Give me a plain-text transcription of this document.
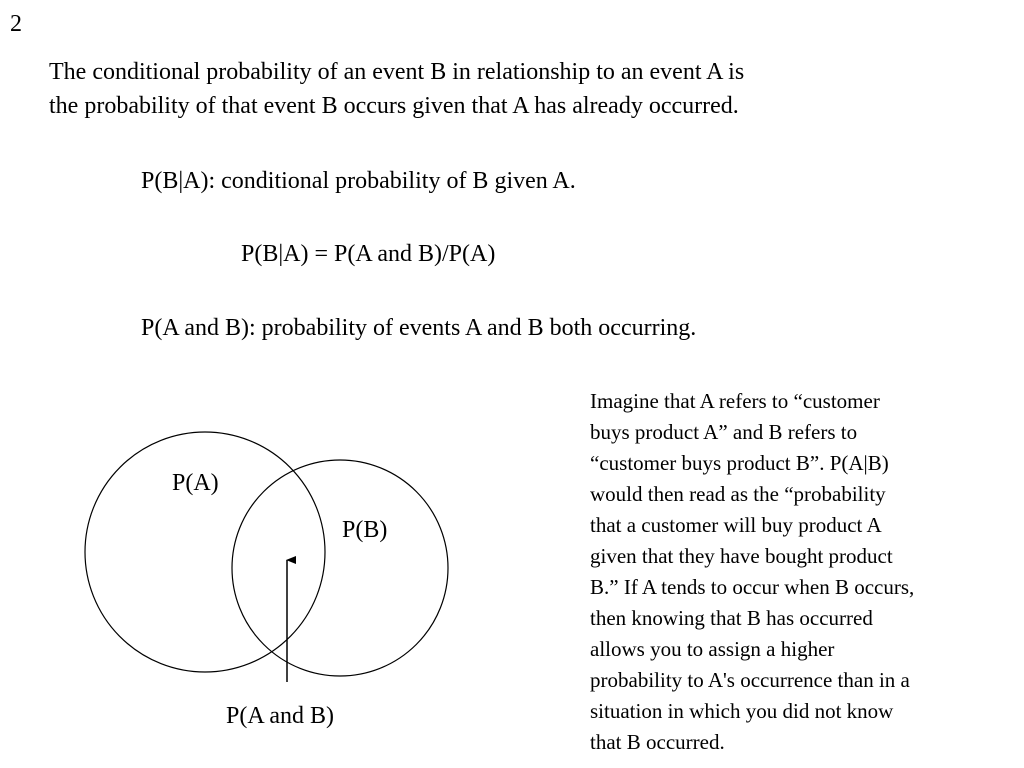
2
The conditional probability of an event B in relationship to an event A is
the probability of that event B occurs given that A has already occurred.
P(B|A): conditional probability of B given A.
P(B|A) = P(A and B)/P(A)
P(A and B): probability of events A and B both occurring.
P(A)
P(B)
P(A and B)
Imagine that A refers to “customer
buys product A” and B refers to
“customer buys product B”. P(A|B)
would then read as the “probability
that a customer will buy product A
given that they have bought product
B.” If A tends to occur when B occurs,
then knowing that B has occurred
allows you to assign a higher
probability to A's occurrence than in a
situation in which you did not know
that B occurred.
